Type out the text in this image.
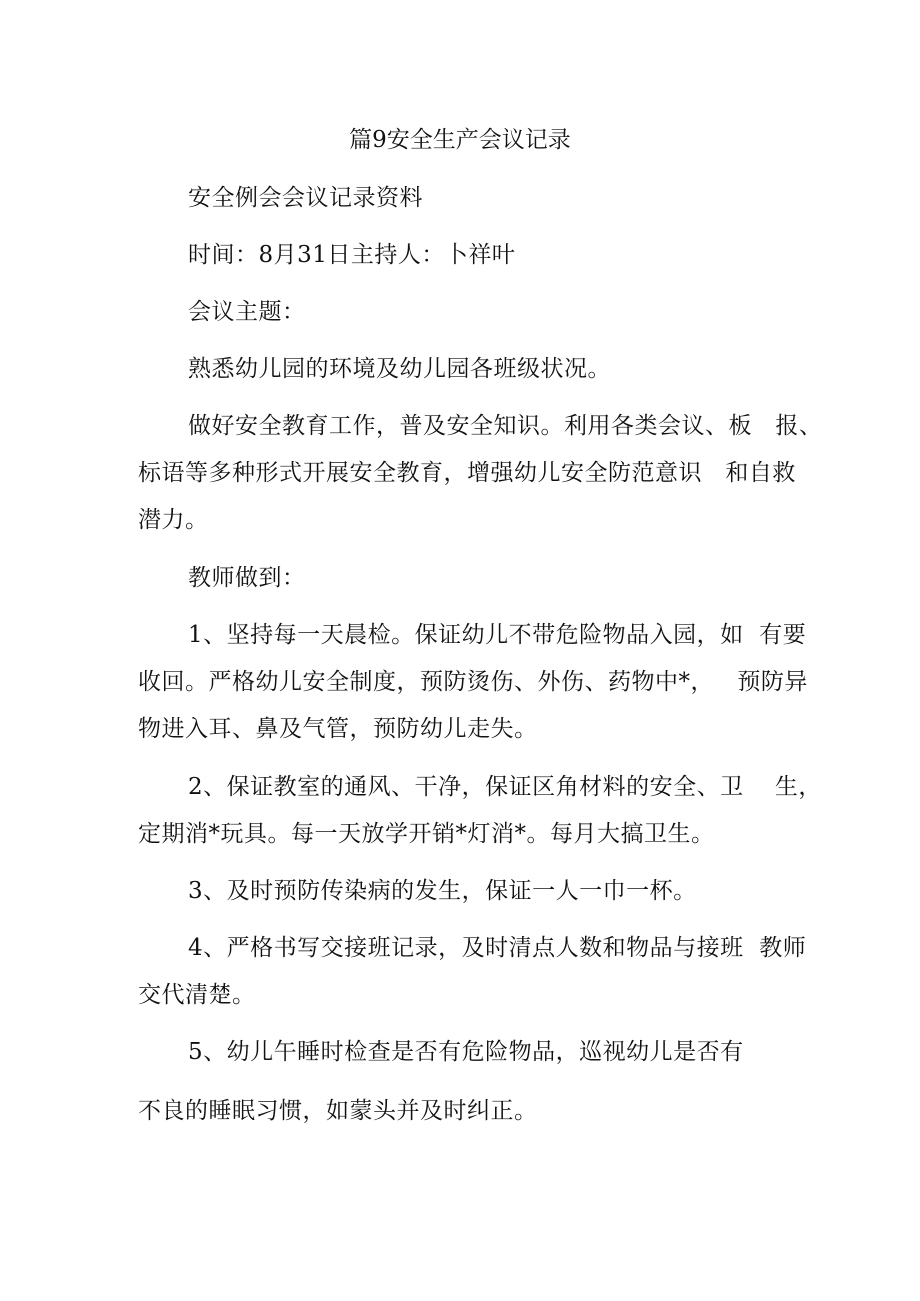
篇9安全生产会议记录
安全例会会议记录资料
时间：8月31日主持人：卜祥叶
会议主题：
熟悉幼儿园的环境及幼儿园各班级状况。
做好安全教育工作，普及安全知识。利用各类会议、板   报、
标语等多种形式开展安全教育，增强幼儿安全防范意识   和自救
潜力。
教师做到：
1、坚持每一天晨检。保证幼儿不带危险物品入园，如  有要
收回。严格幼儿安全制度，预防烫伤、外伤、药物中*，   预防异
物进入耳、鼻及气管，预防幼儿走失。
2、保证教室的通风、干净，保证区角材料的安全、卫    生，
定期消*玩具。每一天放学开销*灯消*。每月大搞卫生。
3、及时预防传染病的发生，保证一人一巾一杯。
4、严格书写交接班记录，及时清点人数和物品与接班  教师
交代清楚。
5、幼儿午睡时检查是否有危险物品，巡视幼儿是否有
不良的睡眠习惯，如蒙头并及时纠正。
